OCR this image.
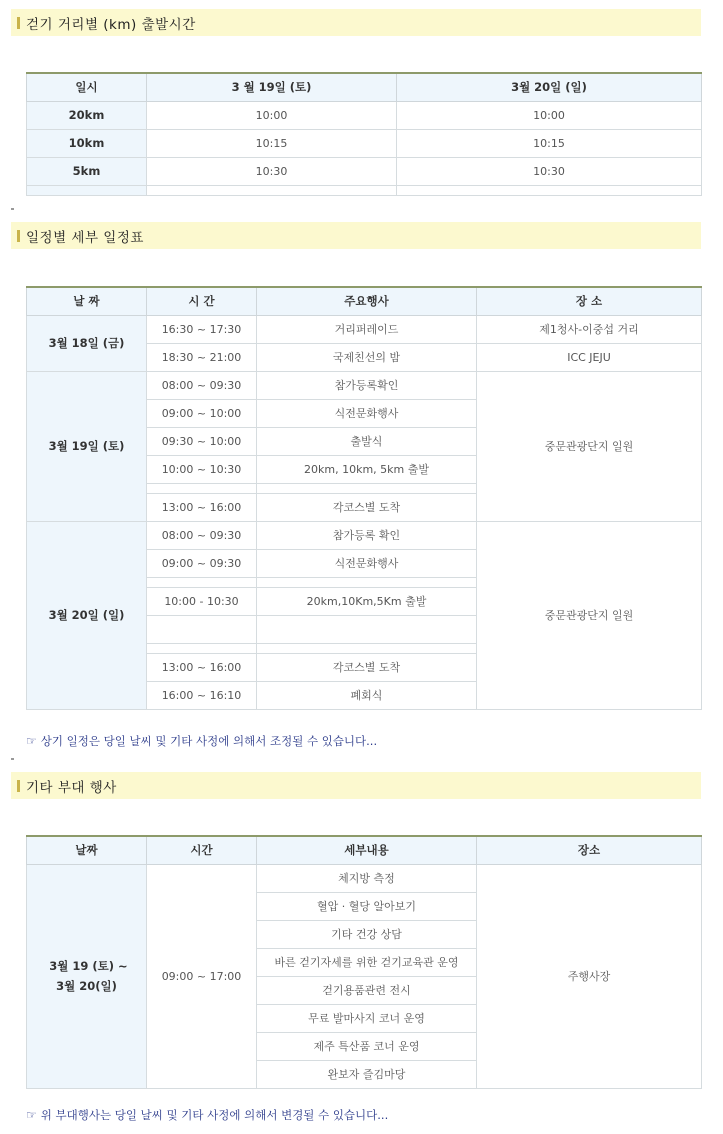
걷기 거리별 (km) 출발시간
일시	3 월 19일 (토)	3월 20일 (일)
20km	10:00	10:00
10km	10:15	10:15
5km	10:30	10:30

일정별 세부 일정표
날 짜	시 간	주요행사	장 소
3월 18일 (금)	16:30 ~ 17:30	거리퍼레이드	제1청사-이중섭 거리
	18:30 ~ 21:00	국제친선의 밤	ICC JEJU
3월 19일 (토)	08:00 ~ 09:30	참가등록확인	중문관광단지 일원
	09:00 ~ 10:00	식전문화행사	
	09:30 ~ 10:00	출발식	
	10:00 ~ 10:30	20km, 10km, 5km 출발	

	13:00 ~ 16:00	각코스별 도착	
3월 20일 (일)	08:00 ~ 09:30	참가등록 확인	중문관광단지 일원
	09:00 ~ 09:30	식전문화행사	

	10:00 - 10:30	20km,10Km,5Km 출발	

	13:00 ~ 16:00	각코스별 도착	
	16:00 ~ 16:10	폐회식	
☞ 상기 일정은 당일 날씨 및 기타 사정에 의해서 조정될 수 있습니다...
기타 부대 행사
날짜	시간	세부내용	장소

3월 19 (토) ~
3월 20(일)	09:00 ~ 17:00	체지방 측정	주행사장
		혈압 · 혈당 알아보기	
		기타 건강 상담	
		바른 걷기자세를 위한 걷기교육관 운영	
		걷기용품관련 전시	
		무료 발마사지 코너 운영	
		제주 특산품 코너 운영	
		완보자 즐김마당	
☞ 위 부대행사는 당일 날씨 및 기타 사정에 의해서 변경될 수 있습니다...
